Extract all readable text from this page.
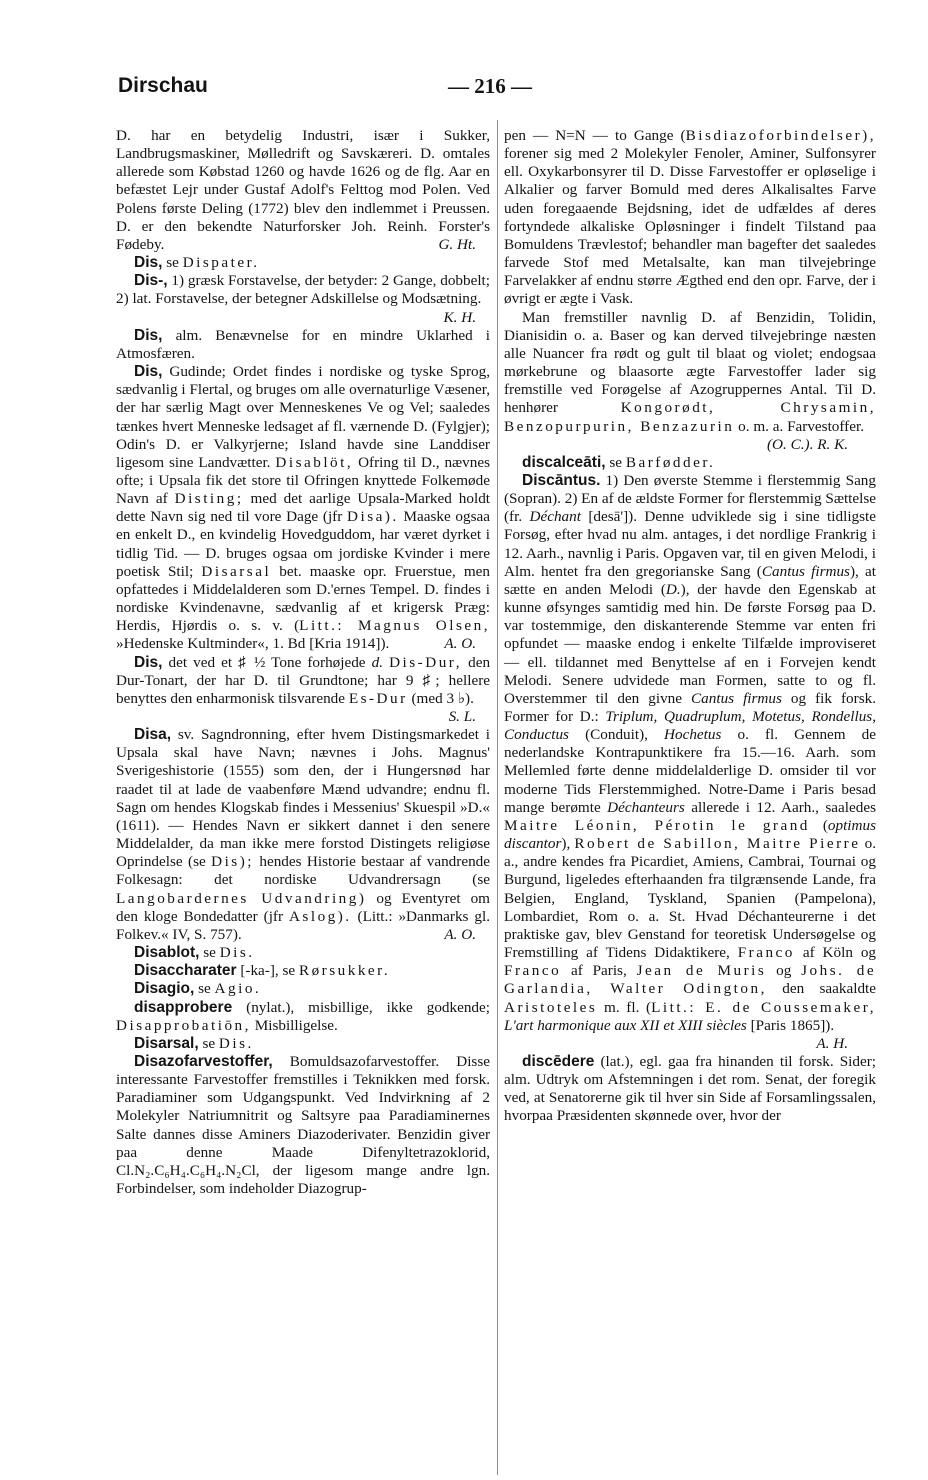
Dirschau	— 216 —

D. har en betydelig Industri, især i Sukker, Landbrugsmaskiner, Mølledrift og Savskæreri. D. omtales allerede som Købstad 1260 og havde 1626 og de flg. Aar en befæstet Lejr under Gustaf Adolf's Felttog mod Polen. Ved Polens første Deling (1772) blev den indlemmet i Preussen. D. er den bekendte Naturforsker Joh. Reinh. Forster's Fødeby.	G. Ht.

Dis, se Dispater.

Dis-, 1) græsk Forstavelse, der betyder: 2 Gange, dobbelt; 2) lat. Forstavelse, der betegner Adskillelse og Modsætning.
K. H.

Dis, alm. Benævnelse for en mindre Uklarhed i Atmosfæren.

Dis, Gudinde; Ordet findes i nordiske og tyske Sprog, sædvanlig i Flertal, og bruges om alle overnaturlige Væsener, der har særlig Magt over Menneskenes Ve og Vel; saaledes tænkes hvert Menneske ledsaget af fl. værnende D. (Fylgjer); Odin's D. er Valkyrjerne; Island havde sine Landdiser ligesom sine Landvætter. Disablöt, Ofring til D., nævnes ofte; i Upsala fik det store til Ofringen knyttede Folkemøde Navn af Disting; med det aarlige Upsala-Marked holdt dette Navn sig ned til vore Dage (jfr Disa). Maaske ogsaa en enkelt D., en kvindelig Hovedguddom, har været dyrket i tidlig Tid. — D. bruges ogsaa om jordiske Kvinder i mere poetisk Stil; Disarsal bet. maaske opr. Fruerstue, men opfattedes i Middelalderen som D.'ernes Tempel. D. findes i nordiske Kvindenavne, sædvanlig af et krigersk Præg: Herdis, Hjørdis o. s. v. (Litt.: Magnus Olsen, »Hedenske Kultminder«, 1. Bd [Kria 1914]).	A. O.

Dis, det ved et ♯ ½ Tone forhøjede d. Dis-Dur, den Dur-Tonart, der har D. til Grundtone; har 9 ♯; hellere benyttes den enharmonisk tilsvarende Es-Dur (med 3 ♭).
S. L.

Disa, sv. Sagndronning, efter hvem Distingsmarkedet i Upsala skal have Navn; nævnes i Johs. Magnus' Sverigeshistorie (1555) som den, der i Hungersnød har raadet til at lade de vaabenføre Mænd udvandre; endnu fl. Sagn om hendes Klogskab findes i Messenius' Skuespil »D.« (1611). — Hendes Navn er sikkert dannet i den senere Middelalder, da man ikke mere forstod Distingets religiøse Oprindelse (se Dis); hendes Historie bestaar af vandrende Folkesagn: det nordiske Udvandrersagn (se Langobardernes Udvandring) og Eventyret om den kloge Bondedatter (jfr Aslog). (Litt.: »Danmarks gl. Folkev.« IV, S. 757).	A. O.

Disablot, se Dis.

Disaccharater [-ka-], se Rørsukker.

Disagio, se Agio.

disapprobere (nylat.), misbillige, ikke godkende; Disapprobatiōn, Misbilligelse.

Disarsal, se Dis.

Disazofarvestoffer, Bomuldsazofarvestoffer. Disse interessante Farvestoffer fremstilles i Teknikken med forsk. Paradiaminer som Udgangspunkt. Ved Indvirkning af 2 Molekyler Natriumnitrit og Saltsyre paa Paradiaminernes Salte dannes disse Aminers Diazoderivater. Benzidin giver paa denne Maade Difenyltetrazoklorid, Cl.N₂.C₆H₄.C₆H₄.N₂Cl, der ligesom mange andre lgn. Forbindelser, som indeholder Diazogrup-

pen — N=N — to Gange (Bisdiazoforbindelser), forener sig med 2 Molekyler Fenoler, Aminer, Sulfonsyrer ell. Oxykarbonsyrer til D. Disse Farvestoffer er opløselige i Alkalier og farver Bomuld med deres Alkalisaltes Farve uden foregaaende Bejdsning, idet de udfældes af deres fortyndede alkaliske Opløsninger i findelt Tilstand paa Bomuldens Trævlestof; behandler man bagefter det saaledes farvede Stof med Metalsalte, kan man tilvejebringe Farvelakker af endnu større Ægthed end den opr. Farve, der i øvrigt er ægte i Vask.

Man fremstiller navnlig D. af Benzidin, Tolidin, Dianisidin o. a. Baser og kan derved tilvejebringe næsten alle Nuancer fra rødt og gult til blaat og violet; endogsaa mørkebrune og blaasorte ægte Farvestoffer lader sig fremstille ved Forøgelse af Azogruppernes Antal. Til D. henhører	Kongorødt, Chrysamin, Benzopurpurin, Benzazurin o. m. a. Farvestoffer.
(O. C.). R. K.

discalceāti, se Barfødder.

Discāntus. 1) Den øverste Stemme i flerstemmig Sang (Sopran). 2) En af de ældste Former for flerstemmig Sættelse (fr. Déchant [desā']). Denne udviklede sig i sine tidligste Forsøg, efter hvad nu alm. antages, i det nordlige Frankrig i 12. Aarh., navnlig i Paris. Opgaven var, til en given Melodi, i Alm. hentet fra den gregorianske Sang (Cantus firmus), at sætte en anden Melodi (D.), der havde den Egenskab at kunne øfsynges samtidig med hin. De første Forsøg paa D. var tostemmige, den diskanterende Stemme var enten fri opfundet — maaske endog i enkelte Tilfælde improviseret — ell. tildannet med Benyttelse af en i Forvejen kendt Melodi. Senere udvidede man Formen, satte to og fl. Overstemmer til den givne Cantus firmus og fik forsk. Former for D.: Triplum, Quadruplum, Motetus, Rondellus, Conductus (Conduit), Hochetus o. fl. Gennem de nederlandske Kontrapunktikere fra 15.—16. Aarh. som Mellemled førte denne middelalderlige D. omsider til vor moderne Tids Flerstemmighed. Notre-Dame i Paris besad mange berømte Déchanteurs allerede i 12. Aarh., saaledes Maitre Léonin, Pérotin le grand (optimus discantor), Robert de Sabillon, Maitre Pierre o. a., andre kendes fra Picardiet, Amiens, Cambrai, Tournai og Burgund, ligeledes efterhaanden fra tilgrænsende Lande, fra Belgien, England, Tyskland, Spanien (Pampelona), Lombardiet, Rom o. a. St. Hvad Déchanteurerne i det praktiske gav, blev Genstand for teoretisk Undersøgelse og Fremstilling af Tidens Didaktikere, Franco af Köln og Franco af Paris, Jean de Muris og Johs. de Garlandia, Walter Odington, den saakaldte Aristoteles m. fl. (Litt.: E. de Coussemaker, L'art harmonique aux XII et XIII siècles [Paris 1865]).
A. H.

discēdere (lat.), egl. gaa fra hinanden til forsk. Sider; alm. Udtryk om Afstemningen i det rom. Senat, der foregik ved, at Senatorerne gik til hver sin Side af Forsamlingssalen, hvorpaa Præsidenten skønnede over, hvor der
